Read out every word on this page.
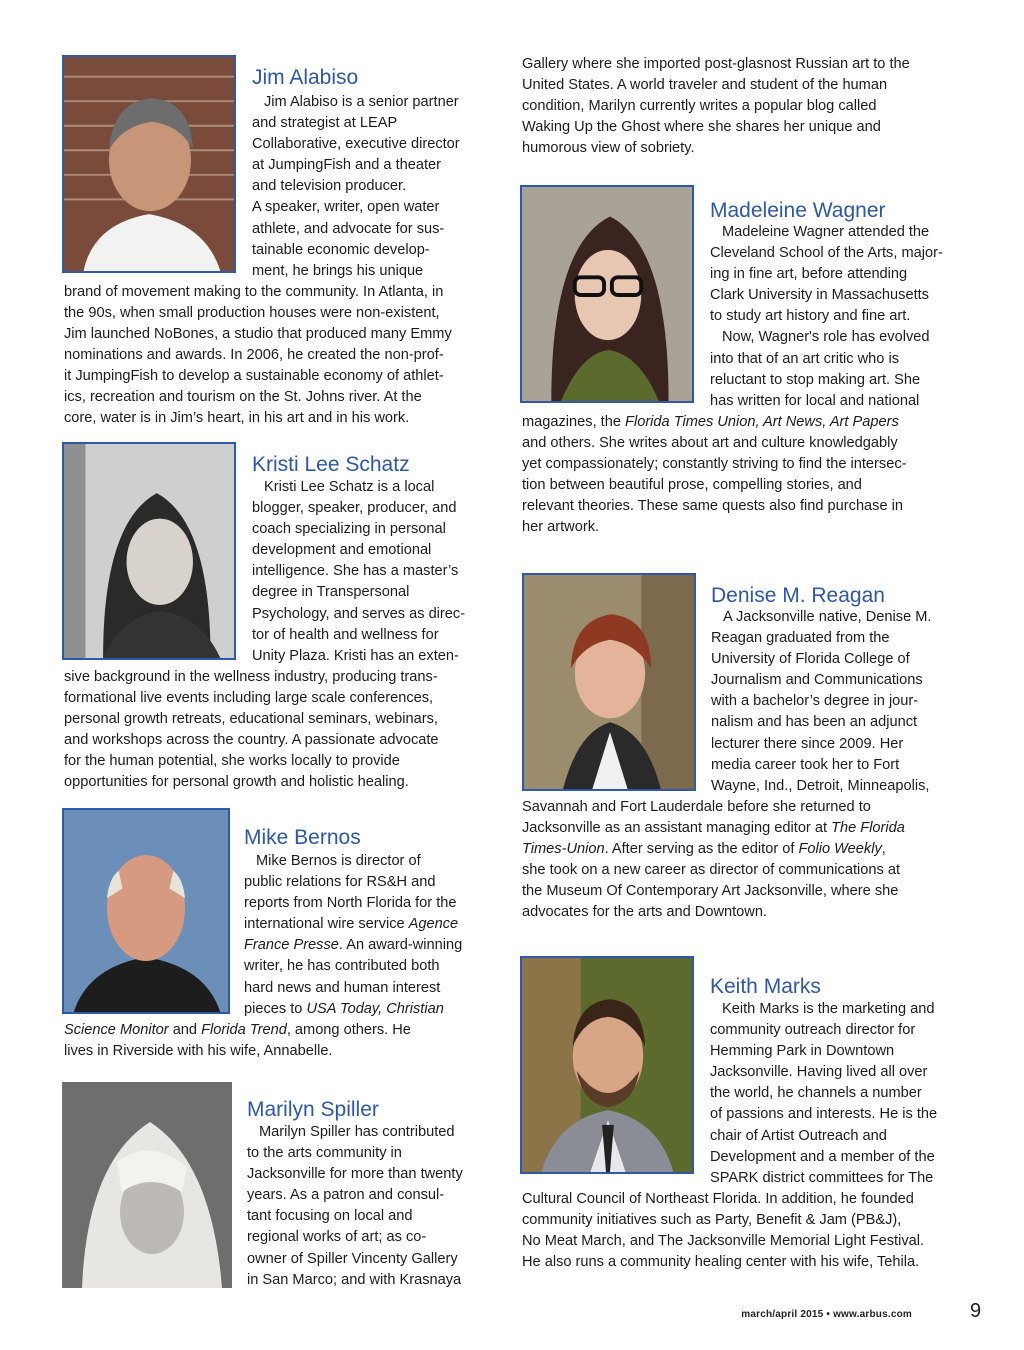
Jim Alabiso
Jim Alabiso is a senior partner
and strategist at LEAP
Collaborative, executive director
at JumpingFish and a theater
and television producer.
A speaker, writer, open water
athlete, and advocate for sus-
tainable economic develop-
ment, he brings his unique
brand of movement making to the community. In Atlanta, in
the 90s, when small production houses were non-existent,
Jim launched NoBones, a studio that produced many Emmy
nominations and awards. In 2006, he created the non-prof-
it JumpingFish to develop a sustainable economy of athlet-
ics, recreation and tourism on the St. Johns river. At the
core, water is in Jim’s heart, in his art and in his work.
Kristi Lee Schatz
Kristi Lee Schatz is a local
blogger, speaker, producer, and
coach specializing in personal
development and emotional
intelligence. She has a master’s
degree in Transpersonal
Psychology, and serves as direc-
tor of health and wellness for
Unity Plaza. Kristi has an exten-
sive background in the wellness industry, producing trans-
formational live events including large scale conferences,
personal growth retreats, educational seminars, webinars,
and workshops across the country. A passionate advocate
for the human potential, she works locally to provide
opportunities for personal growth and holistic healing.
Mike Bernos
Mike Bernos is director of
public relations for RS&H and
reports from North Florida for the
international wire service Agence
France Presse. An award-winning
writer, he has contributed both
hard news and human interest
pieces to USA Today, Christian
Science Monitor and Florida Trend, among others. He
lives in Riverside with his wife, Annabelle.
Marilyn Spiller
Marilyn Spiller has contributed
to the arts community in
Jacksonville for more than twenty
years. As a patron and consul-
tant focusing on local and
regional works of art; as co-
owner of Spiller Vincenty Gallery
in San Marco; and with Krasnaya
Gallery where she imported post-glasnost Russian art to the
United States. A world traveler and student of the human
condition, Marilyn currently writes a popular blog called
Waking Up the Ghost where she shares her unique and
humorous view of sobriety.
Madeleine Wagner
Madeleine Wagner attended the
Cleveland School of the Arts, major-
ing in fine art, before attending
Clark University in Massachusetts
to study art history and fine art.
Now, Wagner's role has evolved
into that of an art critic who is
reluctant to stop making art. She
has written for local and national
magazines, the Florida Times Union, Art News, Art Papers
and others. She writes about art and culture knowledgably
yet compassionately; constantly striving to find the intersec-
tion between beautiful prose, compelling stories, and
relevant theories. These same quests also find purchase in
her artwork.
Denise M. Reagan
A Jacksonville native, Denise M.
Reagan graduated from the
University of Florida College of
Journalism and Communications
with a bachelor’s degree in jour-
nalism and has been an adjunct
lecturer there since 2009. Her
media career took her to Fort
Wayne, Ind., Detroit, Minneapolis,
Savannah and Fort Lauderdale before she returned to
Jacksonville as an assistant managing editor at The Florida
Times-Union. After serving as the editor of Folio Weekly,
she took on a new career as director of communications at
the Museum Of Contemporary Art Jacksonville, where she
advocates for the arts and Downtown.
Keith Marks
Keith Marks is the marketing and
community outreach director for
Hemming Park in Downtown
Jacksonville. Having lived all over
the world, he channels a number
of passions and interests. He is the
chair of Artist Outreach and
Development and a member of the
SPARK district committees for The
Cultural Council of Northeast Florida. In addition, he founded
community initiatives such as Party, Benefit & Jam (PB&J),
No Meat March, and The Jacksonville Memorial Light Festival.
He also runs a community healing center with his wife, Tehila.
march/april 2015 • www.arbus.com	9
